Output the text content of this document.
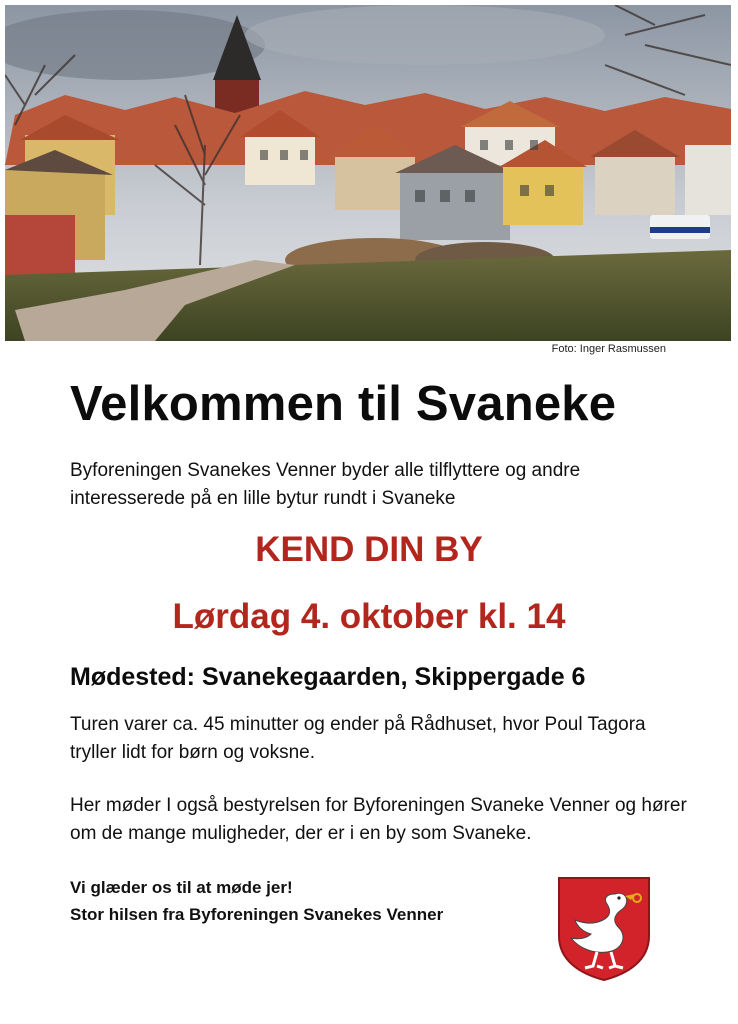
Foto: Inger Rasmussen
Velkommen til Svaneke

Byforeningen Svanekes Venner byder alle tilflyttere og andre interesserede på en lille bytur rundt i Svaneke

KEND DIN BY
Lørdag 4. oktober kl. 14
Mødested: Svanekegaarden, Skippergade 6

Turen varer ca. 45 minutter og ender på Rådhuset, hvor Poul Tagora tryller lidt for børn og voksne.

Her møder I også bestyrelsen for Byforeningen Svaneke Venner og hører om de mange muligheder, der er i en by som Svaneke.

Vi glæder os til at møde jer!
Stor hilsen fra Byforeningen Svanekes Venner
